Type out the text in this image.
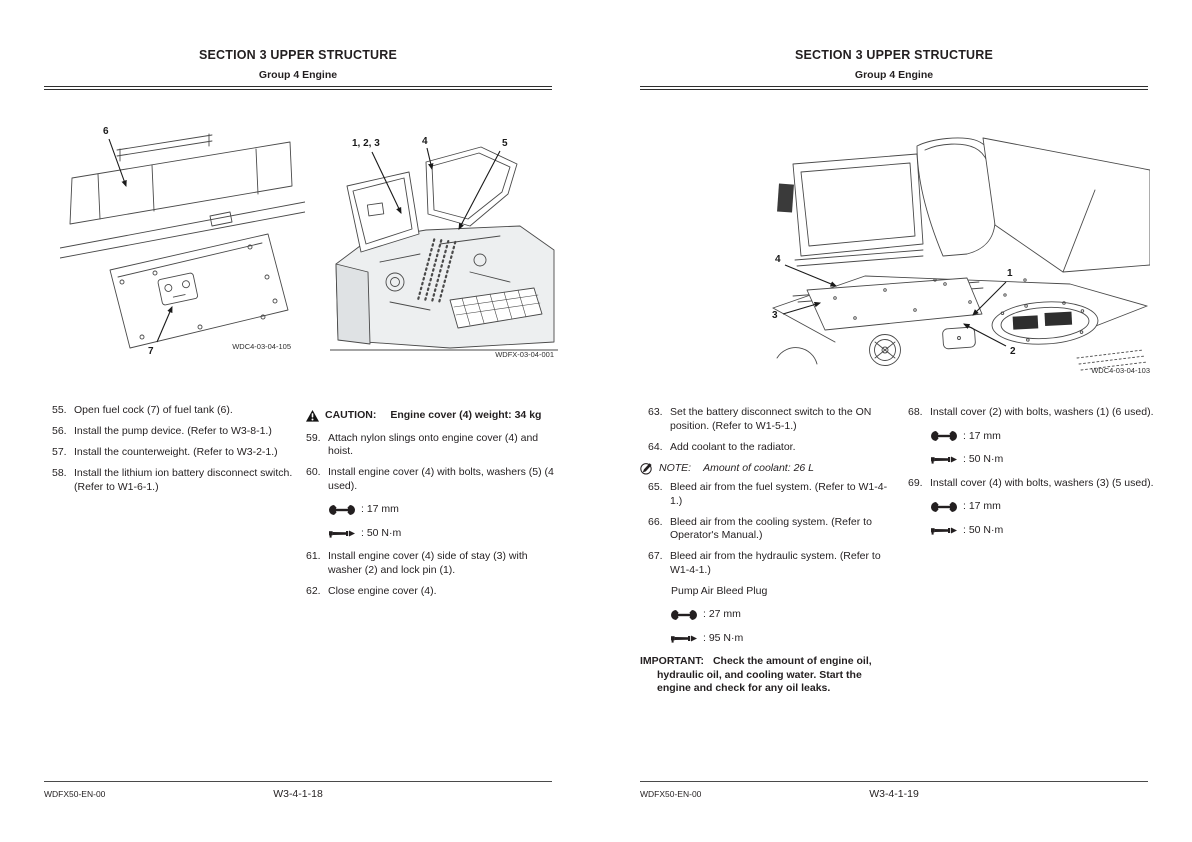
SECTION 3 UPPER STRUCTURE
Group 4 Engine
6
7	WDC4-03-04-105
1, 2, 3	4	5
WDFX-03-04-001
55. Open fuel cock (7) of fuel tank (6).
56. Install the pump device. (Refer to W3-8-1.)
57. Install the counterweight. (Refer to W3-2-1.)
58. Install the lithium ion battery disconnect switch. (Refer to W1-6-1.)
CAUTION: Engine cover (4) weight: 34 kg
59. Attach nylon slings onto engine cover (4) and hoist.
60. Install engine cover (4) with bolts, washers (5) (4 used).
: 17 mm
: 50 N·m
61. Install engine cover (4) side of stay (3) with washer (2) and lock pin (1).
62. Close engine cover (4).
WDFX50-EN-00	W3-4-1-18
SECTION 3 UPPER STRUCTURE
Group 4 Engine
4
3
1
2
WDC4-03-04-103
63. Set the battery disconnect switch to the ON position. (Refer to W1-5-1.)
64. Add coolant to the radiator.
NOTE: Amount of coolant: 26 L
65. Bleed air from the fuel system. (Refer to W1-4-1.)
66. Bleed air from the cooling system. (Refer to Operator's Manual.)
67. Bleed air from the hydraulic system. (Refer to W1-4-1.)
Pump Air Bleed Plug
: 27 mm
: 95 N·m

IMPORTANT: Check the amount of engine oil, hydraulic oil, and cooling water. Start the engine and check for any oil leaks.

68. Install cover (2) with bolts, washers (1) (6 used).
: 17 mm
: 50 N·m
69. Install cover (4) with bolts, washers (3) (5 used).
: 17 mm
: 50 N·m
WDFX50-EN-00	W3-4-1-19
